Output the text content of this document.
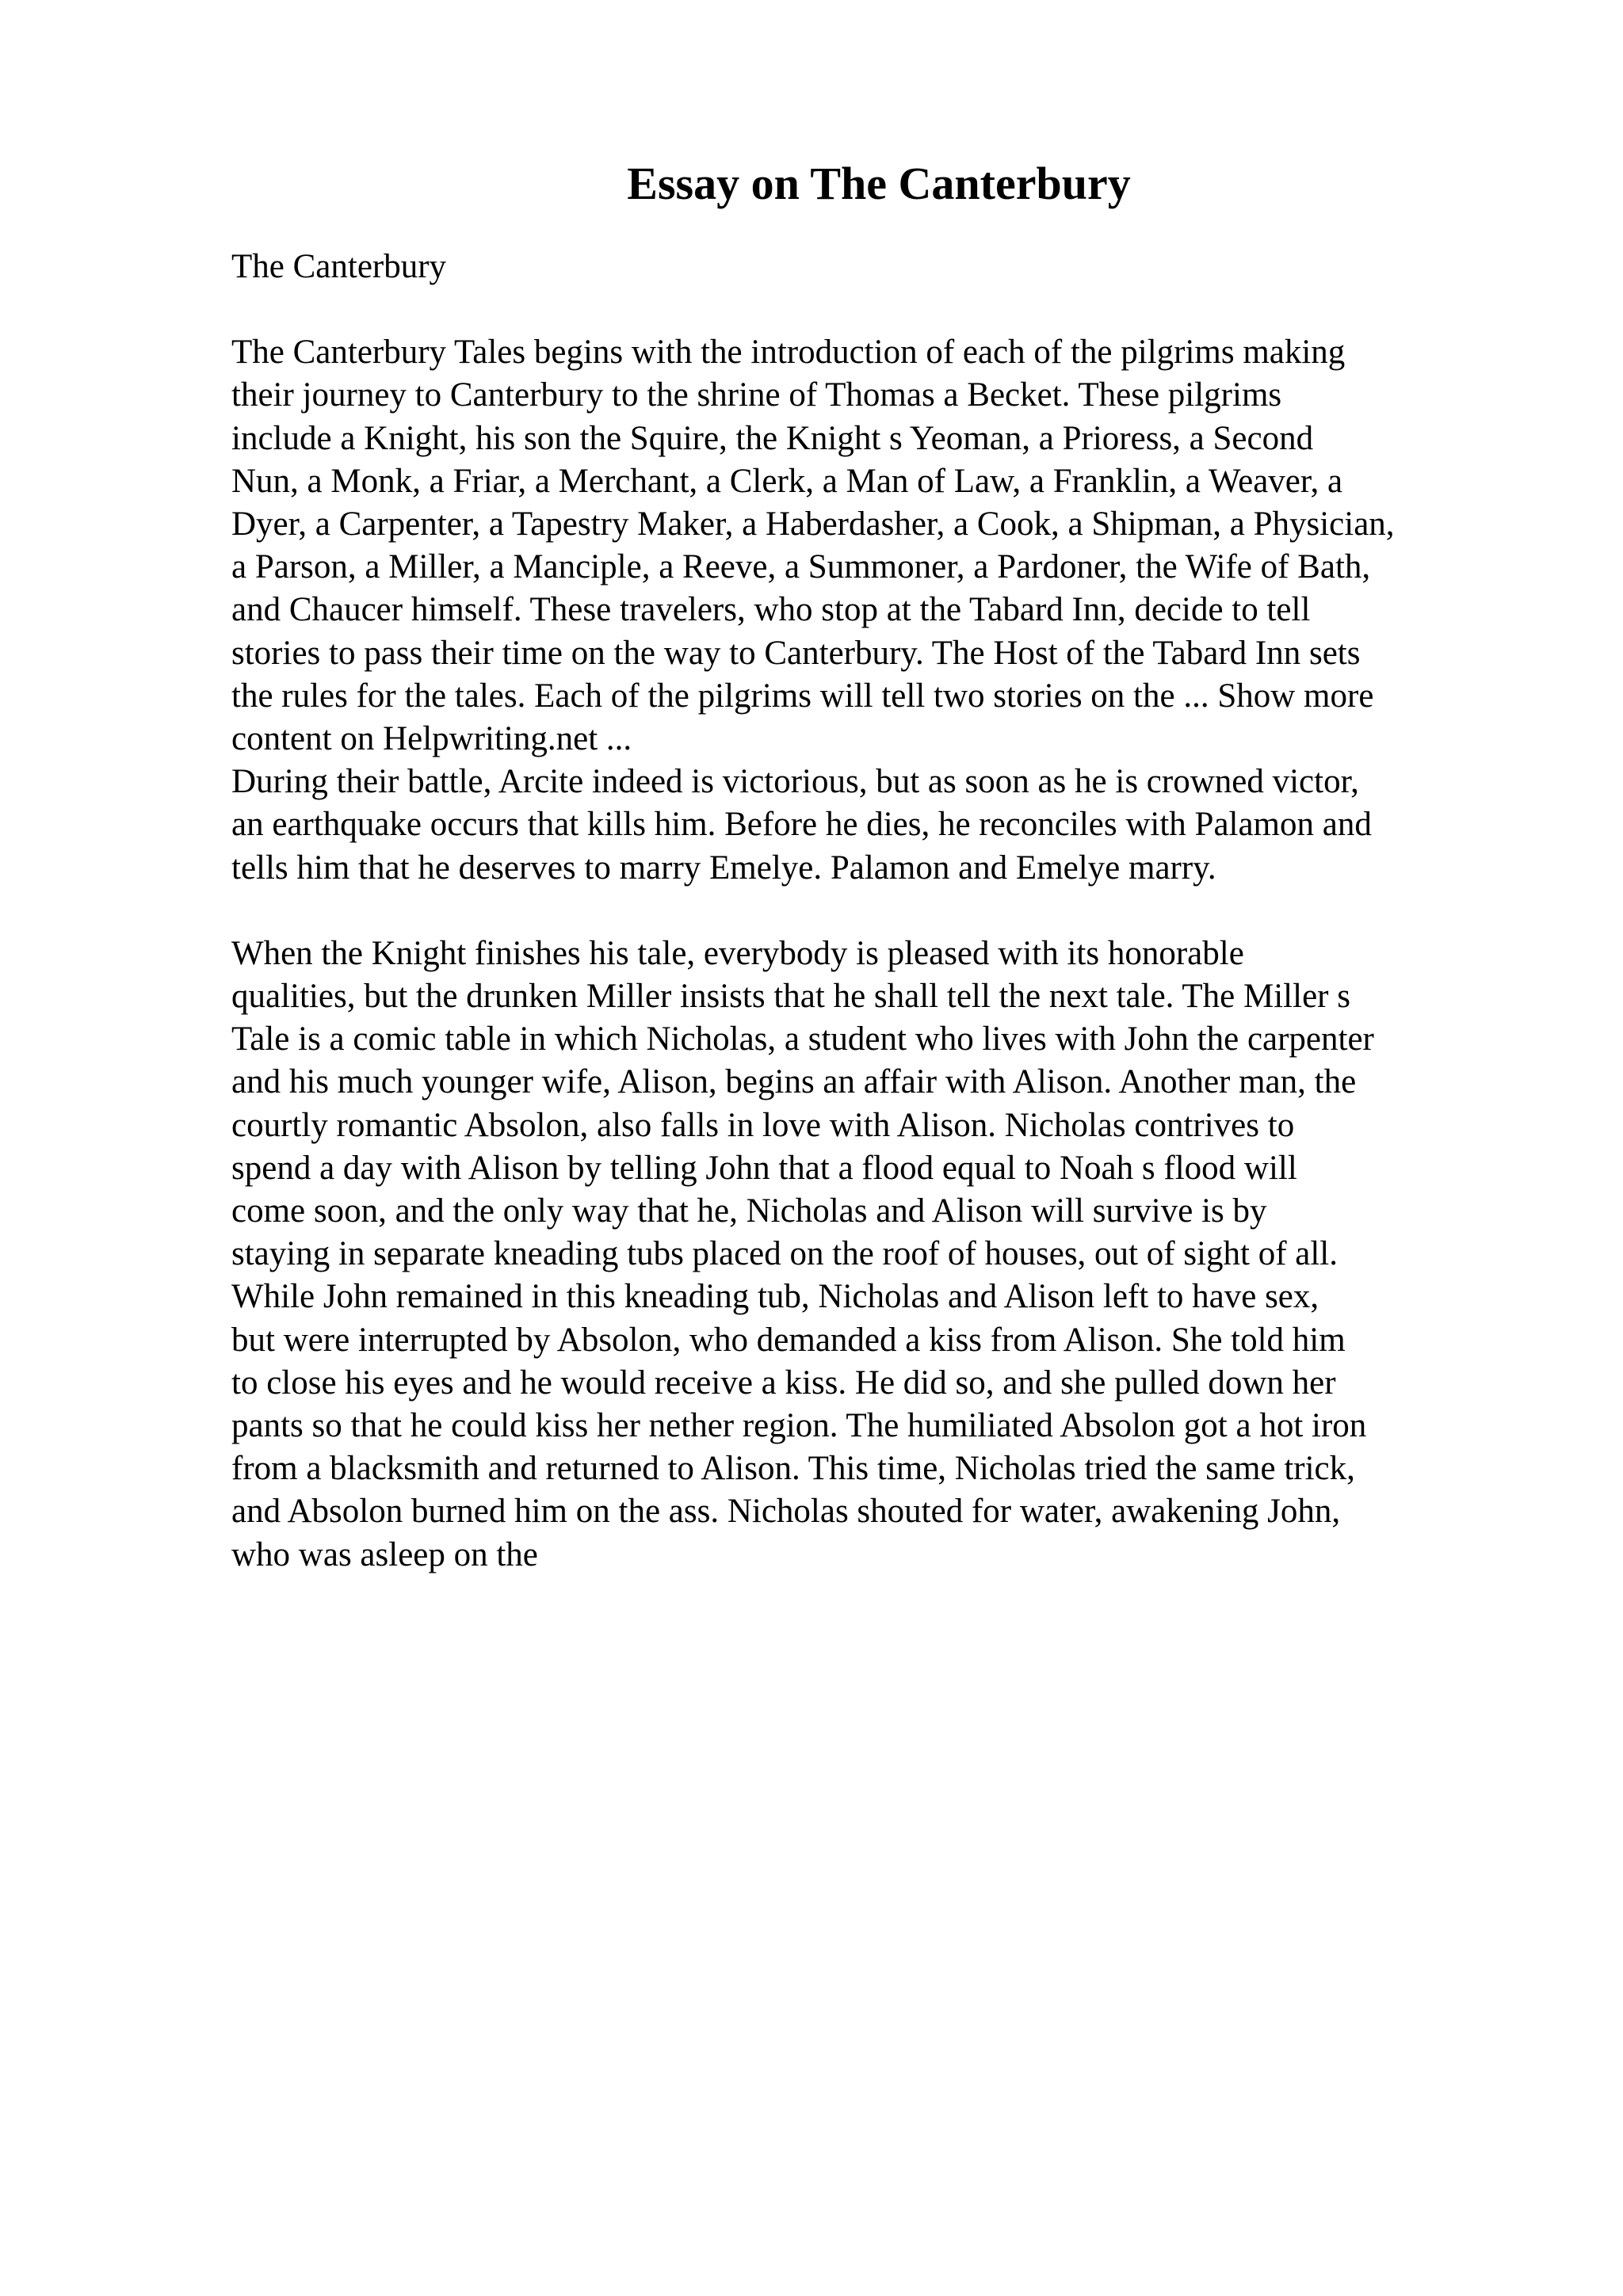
Essay on The Canterbury

The Canterbury

The Canterbury Tales begins with the introduction of each of the pilgrims making
their journey to Canterbury to the shrine of Thomas a Becket. These pilgrims
include a Knight, his son the Squire, the Knight s Yeoman, a Prioress, a Second
Nun, a Monk, a Friar, a Merchant, a Clerk, a Man of Law, a Franklin, a Weaver, a
Dyer, a Carpenter, a Tapestry Maker, a Haberdasher, a Cook, a Shipman, a Physician,
a Parson, a Miller, a Manciple, a Reeve, a Summoner, a Pardoner, the Wife of Bath,
and Chaucer himself. These travelers, who stop at the Tabard Inn, decide to tell
stories to pass their time on the way to Canterbury. The Host of the Tabard Inn sets
the rules for the tales. Each of the pilgrims will tell two stories on the ... Show more
content on Helpwriting.net ...

During their battle, Arcite indeed is victorious, but as soon as he is crowned victor,
an earthquake occurs that kills him. Before he dies, he reconciles with Palamon and
tells him that he deserves to marry Emelye. Palamon and Emelye marry.

When the Knight finishes his tale, everybody is pleased with its honorable
qualities, but the drunken Miller insists that he shall tell the next tale. The Miller s
Tale is a comic table in which Nicholas, a student who lives with John the carpenter
and his much younger wife, Alison, begins an affair with Alison. Another man, the
courtly romantic Absolon, also falls in love with Alison. Nicholas contrives to
spend a day with Alison by telling John that a flood equal to Noah s flood will
come soon, and the only way that he, Nicholas and Alison will survive is by
staying in separate kneading tubs placed on the roof of houses, out of sight of all.
While John remained in this kneading tub, Nicholas and Alison left to have sex,
but were interrupted by Absolon, who demanded a kiss from Alison. She told him
to close his eyes and he would receive a kiss. He did so, and she pulled down her
pants so that he could kiss her nether region. The humiliated Absolon got a hot iron
from a blacksmith and returned to Alison. This time, Nicholas tried the same trick,
and Absolon burned him on the ass. Nicholas shouted for water, awakening John,
who was asleep on the
